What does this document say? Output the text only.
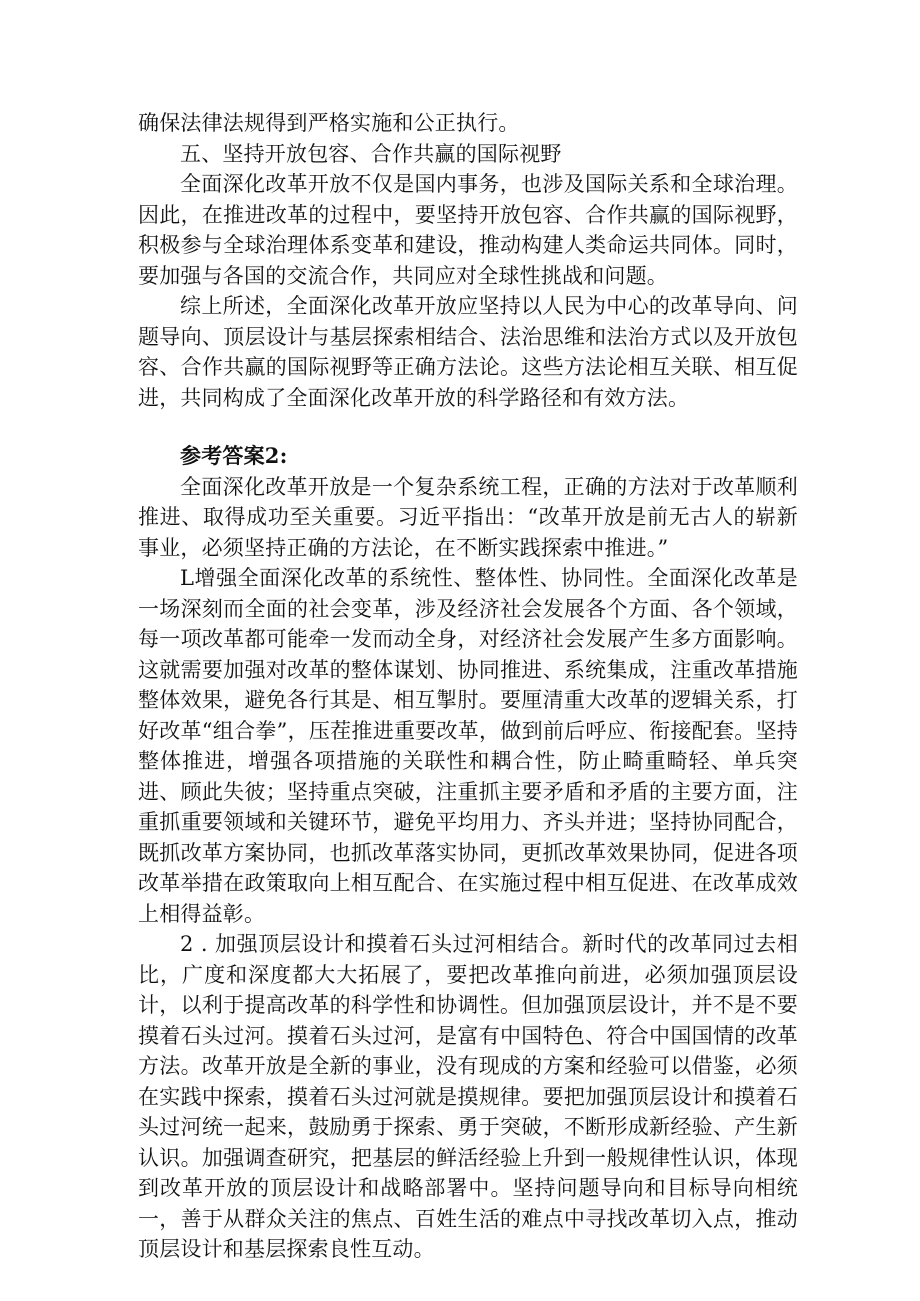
确保法律法规得到严格实施和公正执行。

五、坚持开放包容、合作共赢的国际视野

全面深化改革开放不仅是国内事务，也涉及国际关系和全球治理。因此，在推进改革的过程中，要坚持开放包容、合作共赢的国际视野，积极参与全球治理体系变革和建设，推动构建人类命运共同体。同时，要加强与各国的交流合作，共同应对全球性挑战和问题。

综上所述，全面深化改革开放应坚持以人民为中心的改革导向、问题导向、顶层设计与基层探索相结合、法治思维和法治方式以及开放包容、合作共赢的国际视野等正确方法论。这些方法论相互关联、相互促进，共同构成了全面深化改革开放的科学路径和有效方法。

参考答案2:

全面深化改革开放是一个复杂系统工程，正确的方法对于改革顺利推进、取得成功至关重要。习近平指出：“改革开放是前无古人的崭新事业，必须坚持正确的方法论，在不断实践探索中推进。”

L增强全面深化改革的系统性、整体性、协同性。全面深化改革是一场深刻而全面的社会变革，涉及经济社会发展各个方面、各个领域，每一项改革都可能牵一发而动全身，对经济社会发展产生多方面影响。这就需要加强对改革的整体谋划、协同推进、系统集成，注重改革措施整体效果，避免各行其是、相互掣肘。要厘清重大改革的逻辑关系，打好改革“组合拳”，压茬推进重要改革，做到前后呼应、衔接配套。坚持整体推进，增强各项措施的关联性和耦合性，防止畸重畸轻、单兵突进、顾此失彼；坚持重点突破，注重抓主要矛盾和矛盾的主要方面，注重抓重要领域和关键环节，避免平均用力、齐头并进；坚持协同配合，既抓改革方案协同，也抓改革落实协同，更抓改革效果协同，促进各项改革举措在政策取向上相互配合、在实施过程中相互促进、在改革成效上相得益彰。

2 . 加强顶层设计和摸着石头过河相结合。新时代的改革同过去相比，广度和深度都大大拓展了，要把改革推向前进，必须加强顶层设计，以利于提高改革的科学性和协调性。但加强顶层设计，并不是不要摸着石头过河。摸着石头过河，是富有中国特色、符合中国国情的改革方法。改革开放是全新的事业，没有现成的方案和经验可以借鉴，必须在实践中探索，摸着石头过河就是摸规律。要把加强顶层设计和摸着石头过河统一起来，鼓励勇于探索、勇于突破，不断形成新经验、产生新认识。加强调查研究，把基层的鲜活经验上升到一般规律性认识，体现到改革开放的顶层设计和战略部署中。坚持问题导向和目标导向相统一，善于从群众关注的焦点、百姓生活的难点中寻找改革切入点，推动顶层设计和基层探索良性互动。
